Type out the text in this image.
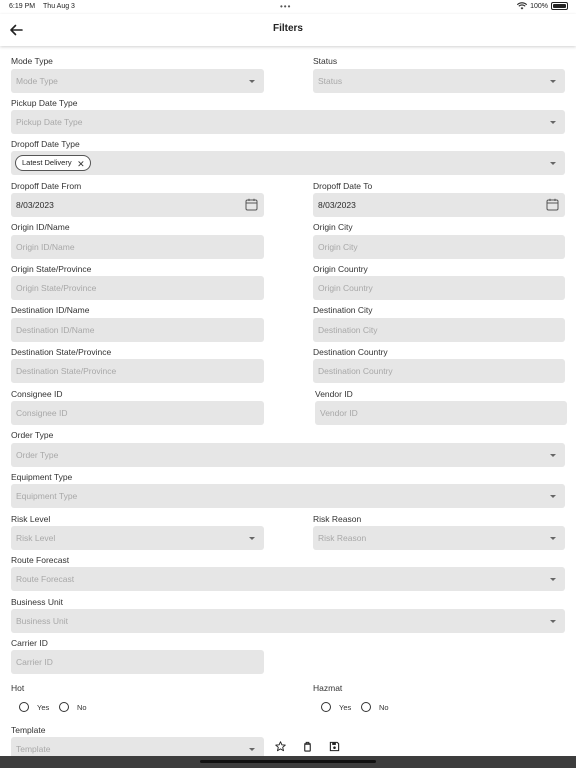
6:19 PM Thu Aug 3	•••	100%
Filters
Mode Type
Mode Type
Status
Status
Pickup Date Type
Pickup Date Type
Dropoff Date Type
Latest Delivery ✕
Dropoff Date From
8/03/2023
Dropoff Date To
8/03/2023
Origin ID/Name
Origin ID/Name
Origin City
Origin City
Origin State/Province
Origin State/Province
Origin Country
Origin Country
Destination ID/Name
Destination ID/Name
Destination City
Destination City
Destination State/Province
Destination State/Province
Destination Country
Destination Country
Consignee ID
Consignee ID
Vendor ID
Vendor ID
Order Type
Order Type
Equipment Type
Equipment Type
Risk Level
Risk Level
Risk Reason
Risk Reason
Route Forecast
Route Forecast
Business Unit
Business Unit
Carrier ID
Carrier ID
Hot
Yes	No
Hazmat
Yes	No
Template
Template
